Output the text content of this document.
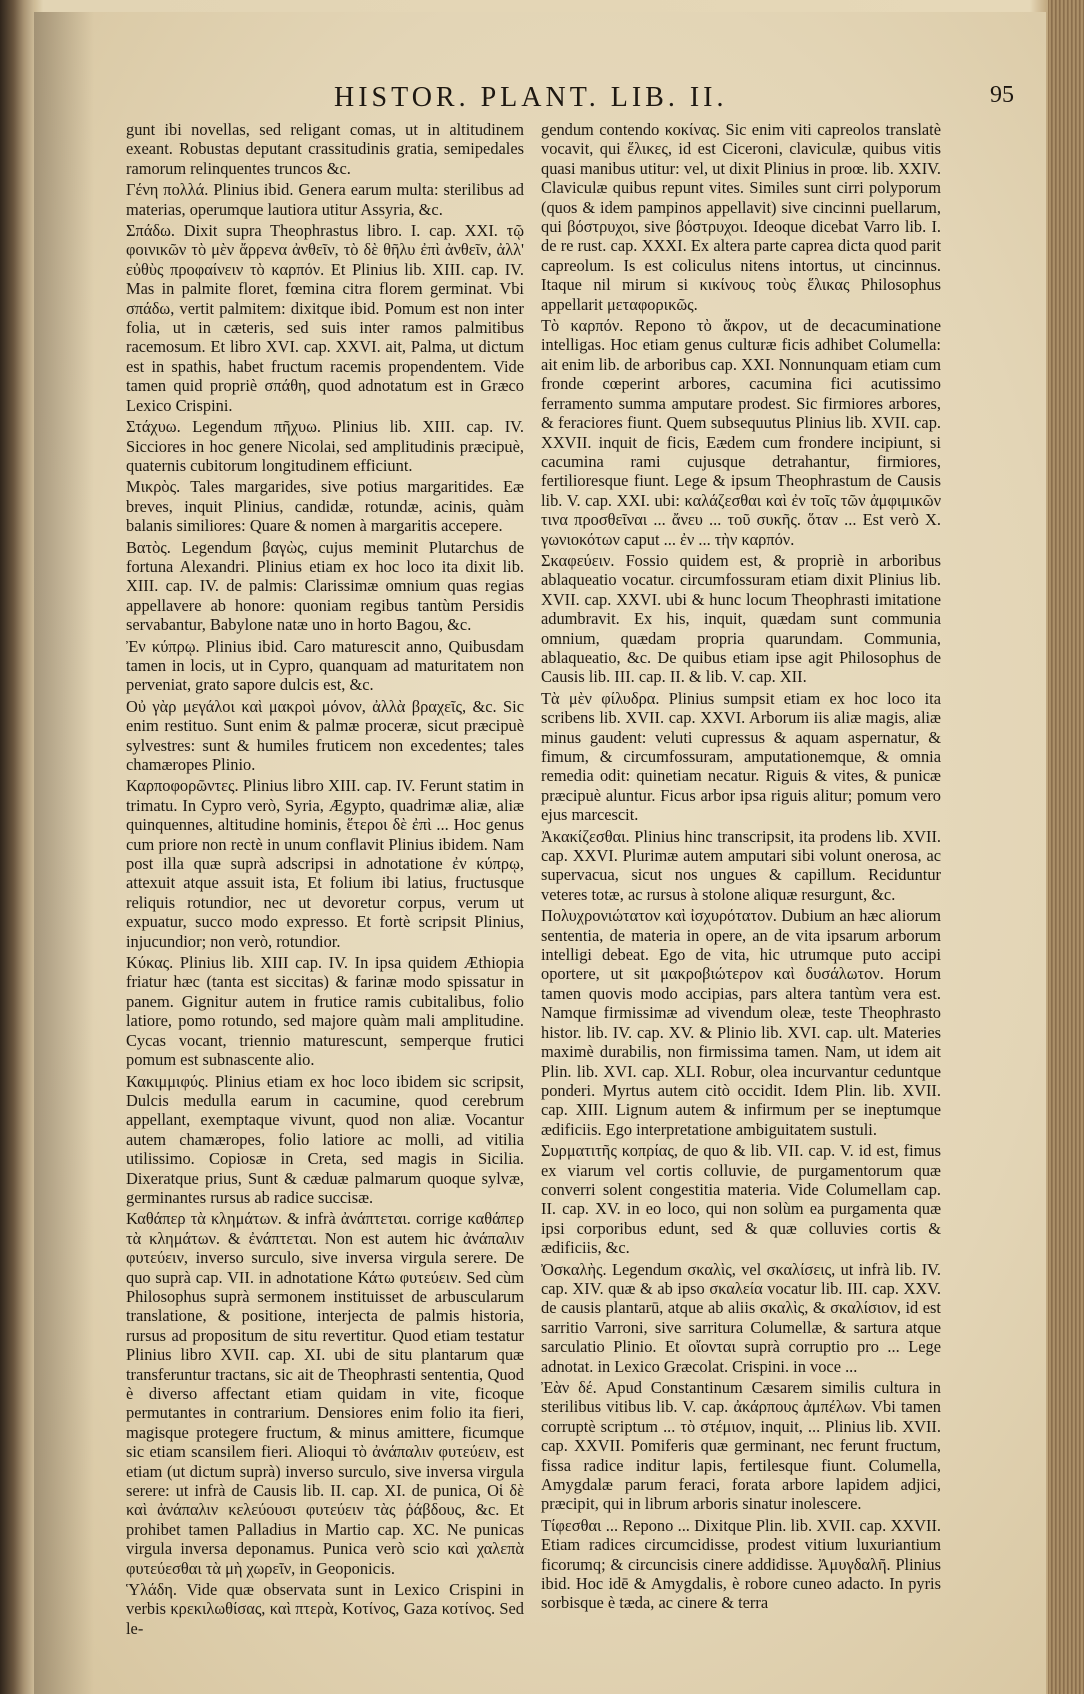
HISTOR. PLANT. LIB. II.	95

gunt ibi novellas, sed religant comas, ut in altitudinem exeant. Robustas deputant crassitudinis gratia, semipedales ramorum relinquentes truncos &c.

Γένη πολλά. Plinius ibid. Genera earum multa: sterilibus ad materias, operumque lautiora utitur Assyria, &c.

Σπάδω. Dixit supra Theophrastus libro. I. cap. XXI. τῷ φοινικῶν τὸ μὲν ἄρρενα ἀνθεῖν, τὸ δὲ θῆλυ ἐπὶ ἀνθεῖν, ἀλλ' εὐθὺς προφαίνειν τὸ καρπόν. Et Plinius lib. XIII. cap. IV. Mas in palmite floret, fœmina citra florem germinat. Vbi σπάδω, vertit palmitem: dixitque ibid. Pomum est non inter folia, ut in cæteris, sed suis inter ramos palmitibus racemosum. Et libro XVI. cap. XXVI. ait, Palma, ut dictum est in spathis, habet fructum racemis propendentem. Vide tamen quid propriè σπάθη, quod adnotatum est in Græco Lexico Crispini.

Στάχυω. Legendum πῆχυω. Plinius lib. XIII. cap. IV. Sicciores in hoc genere Nicolai, sed amplitudinis præcipuè, quaternis cubitorum longitudinem efficiunt.

Μικρὸς. Tales margarides, sive potius margaritides. Eæ breves, inquit Plinius, candidæ, rotundæ, acinis, quàm balanis similiores: Quare & nomen à margaritis accepere.

Βατὸς. Legendum βαγὼς, cujus meminit Plutarchus de fortuna Alexandri. Plinius etiam ex hoc loco ita dixit lib. XIII. cap. IV. de palmis: Clarissimæ omnium quas regias appellavere ab honore: quoniam regibus tantùm Persidis servabantur, Babylone natæ uno in horto Bagou, &c.

Ἐν κύπρῳ. Plinius ibid. Caro maturescit anno, Quibusdam tamen in locis, ut in Cypro, quanquam ad maturitatem non perveniat, grato sapore dulcis est, &c.

Οὐ γὰρ μεγάλοι καὶ μακροὶ μόνον, ἀλλὰ βραχεῖς, &c. Sic enim restituo. Sunt enim & palmæ proceræ, sicut præcipuè sylvestres: sunt & humiles fruticem non excedentes; tales chamæropes Plinio.

Καρποφορῶντες. Plinius libro XIII. cap. IV. Ferunt statim in trimatu. In Cypro verò, Syria, Ægypto, quadrimæ aliæ, aliæ quinquennes, altitudine hominis, ἕτεροι δὲ ἐπὶ ... Hoc genus cum priore non rectè in unum conflavit Plinius ibidem. Nam post illa quæ suprà adscripsi in adnotatione ἐν κύπρῳ, attexuit atque assuit ista, Et folium ibi latius, fructusque reliquis rotundior, nec ut devoretur corpus, verum ut expuatur, succo modo expresso. Et fortè scripsit Plinius, injucundior; non verò, rotundior.

Κύκας. Plinius lib. XIII cap. IV. In ipsa quidem Æthiopia friatur hæc (tanta est siccitas) & farinæ modo spissatur in panem. Gignitur autem in frutice ramis cubitalibus, folio latiore, pomo rotundo, sed majore quàm mali amplitudine. Cycas vocant, triennio maturescunt, semperque frutici pomum est subnascente alio.

Κακιμμιφύς. Plinius etiam ex hoc loco ibidem sic scripsit, Dulcis medulla earum in cacumine, quod cerebrum appellant, exemptaque vivunt, quod non aliæ. Vocantur autem chamæropes, folio latiore ac molli, ad vitilia utilissimo. Copiosæ in Creta, sed magis in Sicilia. Dixeratque prius, Sunt & cæduæ palmarum quoque sylvæ, germinantes rursus ab radice succisæ.

Καθάπερ τὰ κλημάτων. & infrà ἀνάπτεται. corrige καθάπερ τὰ κλημάτων. & ἐνάπτεται. Non est autem hic ἀνάπαλιν φυτεύειν, inverso surculo, sive inversa virgula serere. De quo suprà cap. VII. in adnotatione Κάτω φυτεύειν. Sed cùm Philosophus suprà sermonem instituisset de arbuscularum translatione, & positione, interjecta de palmis historia, rursus ad propositum de situ revertitur. Quod etiam testatur Plinius libro XVII. cap. XI. ubi de situ plantarum quæ transferuntur tractans, sic ait de Theophrasti sententia, Quod è diverso affectant etiam quidam in vite, ficoque permutantes in contrarium. Densiores enim folio ita fieri, magisque protegere fructum, & minus amittere, ficumque sic etiam scansilem fieri. Alioqui τὸ ἀνάπαλιν φυτεύειν, est etiam (ut dictum suprà) inverso surculo, sive inversa virgula serere: ut infrà de Causis lib. II. cap. XI. de punica, Οἱ δὲ καὶ ἀνάπαλιν κελεύουσι φυτεύειν τὰς ῥάβδους, &c. Et prohibet tamen Palladius in Martio cap. XC. Ne punicas virgula inversa deponamus. Punica verò scio καὶ χαλεπὰ φυτεύεσθαι τὰ μὴ χωρεῖν, in Geoponicis.

Ὑλάδη. Vide quæ observata sunt in Lexico Crispini in verbis κρεκιλωθίσας, καὶ πτερὰ, Κοτίνος, Gaza κοτίνος. Sed le-

gendum contendo κοκίνας. Sic enim viti capreolos translatè vocavit, qui ἕλικες, id est Ciceroni, claviculæ, quibus vitis quasi manibus utitur: vel, ut dixit Plinius in proœ. lib. XXIV. Claviculæ quibus repunt vites. Similes sunt cirri polyporum (quos & idem pampinos appellavit) sive cincinni puellarum, qui βόστρυχοι, sive βόστρυχοι. Ideoque dicebat Varro lib. I. de re rust. cap. XXXI. Ex altera parte caprea dicta quod parit capreolum. Is est coliculus nitens intortus, ut cincinnus. Itaque nil mirum si κικίνους τοὺς ἕλικας Philosophus appellarit μεταφορικῶς.

Τὸ καρπόν. Repono τὸ ἄκρον, ut de decacuminatione intelligas. Hoc etiam genus culturæ ficis adhibet Columella: ait enim lib. de arboribus cap. XXI. Nonnunquam etiam cum fronde cœperint arbores, cacumina fici acutissimo ferramento summa amputare prodest. Sic firmiores arbores, & feraciores fiunt. Quem subsequutus Plinius lib. XVII. cap. XXVII. inquit de ficis, Eædem cum frondere incipiunt, si cacumina rami cujusque detrahantur, firmiores, fertilioresque fiunt. Lege & ipsum Theophrastum de Causis lib. V. cap. XXI. ubi: καλάζεσθαι καὶ ἐν τοῖς τῶν ἀμφιμικῶν τινα προσθεῖναι ... ἄνευ ... τοῦ συκῆς. ὅταν ... Est verò X. γωνιοκότων caput ... ἐν ... τὴν καρπόν.

Σκαφεύειν. Fossio quidem est, & propriè in arboribus ablaqueatio vocatur. circumfossuram etiam dixit Plinius lib. XVII. cap. XXVI. ubi & hunc locum Theophrasti imitatione adumbravit. Ex his, inquit, quædam sunt communia omnium, quædam propria quarundam. Communia, ablaqueatio, &c. De quibus etiam ipse agit Philosophus de Causis lib. III. cap. II. & lib. V. cap. XII.

Τὰ μὲν φίλυδρα. Plinius sumpsit etiam ex hoc loco ita scribens lib. XVII. cap. XXVI. Arborum iis aliæ magis, aliæ minus gaudent: veluti cupressus & aquam aspernatur, & fimum, & circumfossuram, amputationemque, & omnia remedia odit: quinetiam necatur. Riguis & vites, & punicæ præcipuè aluntur. Ficus arbor ipsa riguis alitur; pomum vero ejus marcescit.

Ἀκακίζεσθαι. Plinius hinc transcripsit, ita prodens lib. XVII. cap. XXVI. Plurimæ autem amputari sibi volunt onerosa, ac supervacua, sicut nos ungues & capillum. Reciduntur veteres totæ, ac rursus à stolone aliquæ resurgunt, &c.

Πολυχρονιώτατον καὶ ἰσχυρότατον. Dubium an hæc aliorum sententia, de materia in opere, an de vita ipsarum arborum intelligi debeat. Ego de vita, hic utrumque puto accipi oportere, ut sit μακροβιώτερον καὶ δυσάλωτον. Horum tamen quovis modo accipias, pars altera tantùm vera est. Namque firmissimæ ad vivendum oleæ, teste Theophrasto histor. lib. IV. cap. XV. & Plinio lib. XVI. cap. ult. Materies maximè durabilis, non firmissima tamen. Nam, ut idem ait Plin. lib. XVI. cap. XLI. Robur, olea incurvantur ceduntque ponderi. Myrtus autem citò occidit. Idem Plin. lib. XVII. cap. XIII. Lignum autem & infirmum per se ineptumque ædificiis. Ego interpretatione ambiguitatem sustuli.

Συρματιτῆς κοπρίας, de quo & lib. VII. cap. V. id est, fimus ex viarum vel cortis colluvie, de purgamentorum quæ converri solent congestitia materia. Vide Columellam cap. II. cap. XV. in eo loco, qui non solùm ea purgamenta quæ ipsi corporibus edunt, sed & quæ colluvies cortis & ædificiis, &c.

Ὀσκαλὴς. Legendum σκαλὶς, vel σκαλίσεις, ut infrà lib. IV. cap. XIV. quæ & ab ipso σκαλεία vocatur lib. III. cap. XXV. de causis plantarū, atque ab aliis σκαλὶς, & σκαλίσιον, id est sarritio Varroni, sive sarritura Columellæ, & sartura atque sarculatio Plinio. Et οἴονται suprà corruptio pro ... Lege adnotat. in Lexico Græcolat. Crispini. in voce ...

Ἐὰν δέ. Apud Constantinum Cæsarem similis cultura in sterilibus vitibus lib. V. cap. ἀκάρπους ἀμπέλων. Vbi tamen corruptè scriptum ... τὸ στέμιον, inquit, ... Plinius lib. XVII. cap. XXVII. Pomiferis quæ germinant, nec ferunt fructum, fissa radice inditur lapis, fertilesque fiunt. Columella, Amygdalæ parum feraci, forata arbore lapidem adjici, præcipit, qui in librum arboris sinatur inolescere.

Τίφεσθαι ... Reponо ... Dixitque Plin. lib. XVII. cap. XXVII. Etiam radices circumcidisse, prodest vitium luxuriantium ficorumq; & circuncisis cinere addidisse. Ἀμυγδαλῆ. Plinius ibid. Hoc idē & Amygdalis, è robore cuneo adacto. In pyris sorbisque è tæda, ac cinere & terra
